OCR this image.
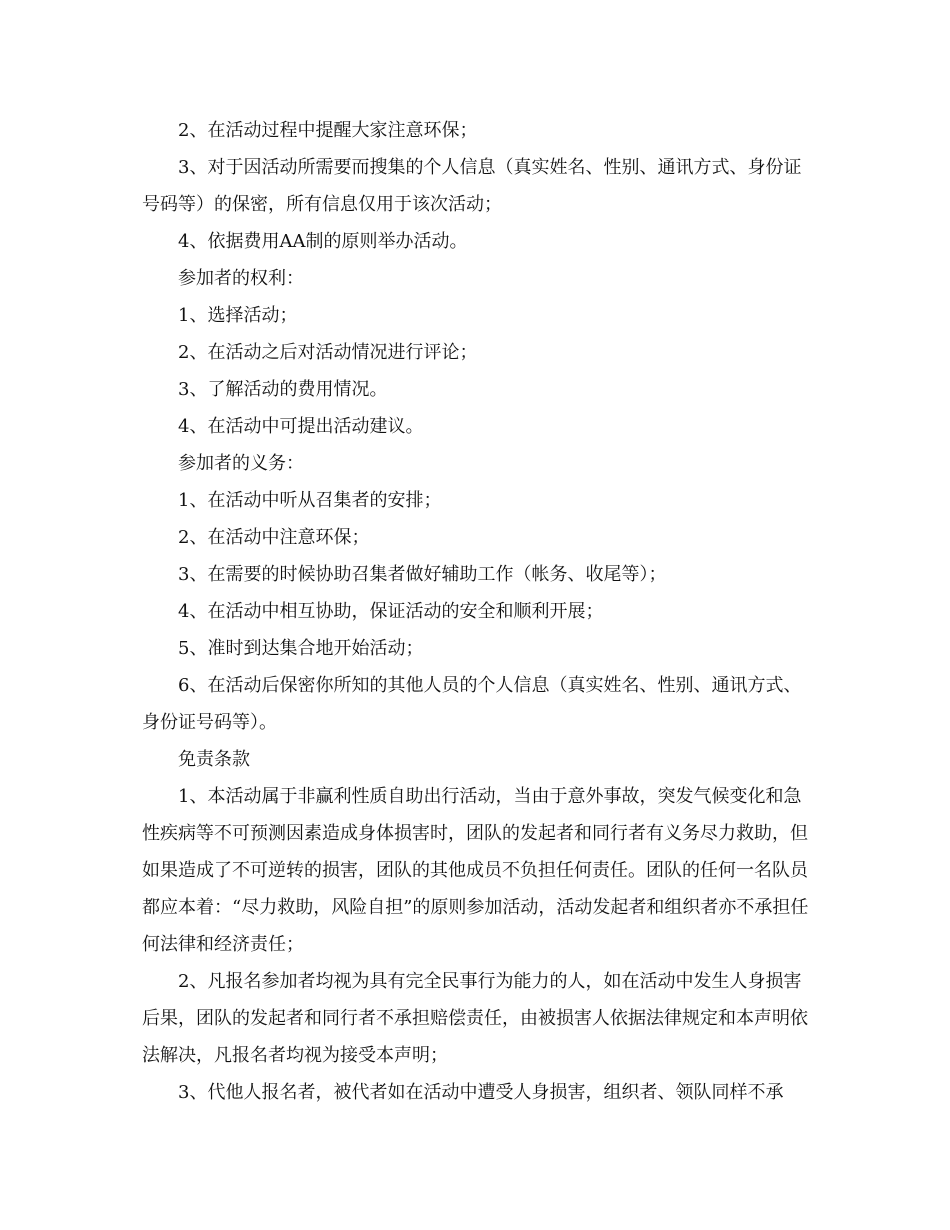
2、在活动过程中提醒大家注意环保；

3、对于因活动所需要而搜集的个人信息（真实姓名、性别、通讯方式、身份证号码等）的保密，所有信息仅用于该次活动；

4、依据费用AA制的原则举办活动。

参加者的权利：

1、选择活动；

2、在活动之后对活动情况进行评论；

3、了解活动的费用情况。

4、在活动中可提出活动建议。

参加者的义务：

1、在活动中听从召集者的安排；

2、在活动中注意环保；

3、在需要的时候协助召集者做好辅助工作（帐务、收尾等）；

4、在活动中相互协助，保证活动的安全和顺利开展；

5、准时到达集合地开始活动；

6、在活动后保密你所知的其他人员的个人信息（真实姓名、性别、通讯方式、身份证号码等）。

免责条款

1、本活动属于非赢利性质自助出行活动，当由于意外事故，突发气候变化和急性疾病等不可预测因素造成身体损害时，团队的发起者和同行者有义务尽力救助，但如果造成了不可逆转的损害，团队的其他成员不负担任何责任。团队的任何一名队员都应本着：“尽力救助，风险自担”的原则参加活动，活动发起者和组织者亦不承担任何法律和经济责任；

2、凡报名参加者均视为具有完全民事行为能力的人，如在活动中发生人身损害后果，团队的发起者和同行者不承担赔偿责任，由被损害人依据法律规定和本声明依法解决，凡报名者均视为接受本声明；

3、代他人报名者，被代者如在活动中遭受人身损害，组织者、领队同样不承
